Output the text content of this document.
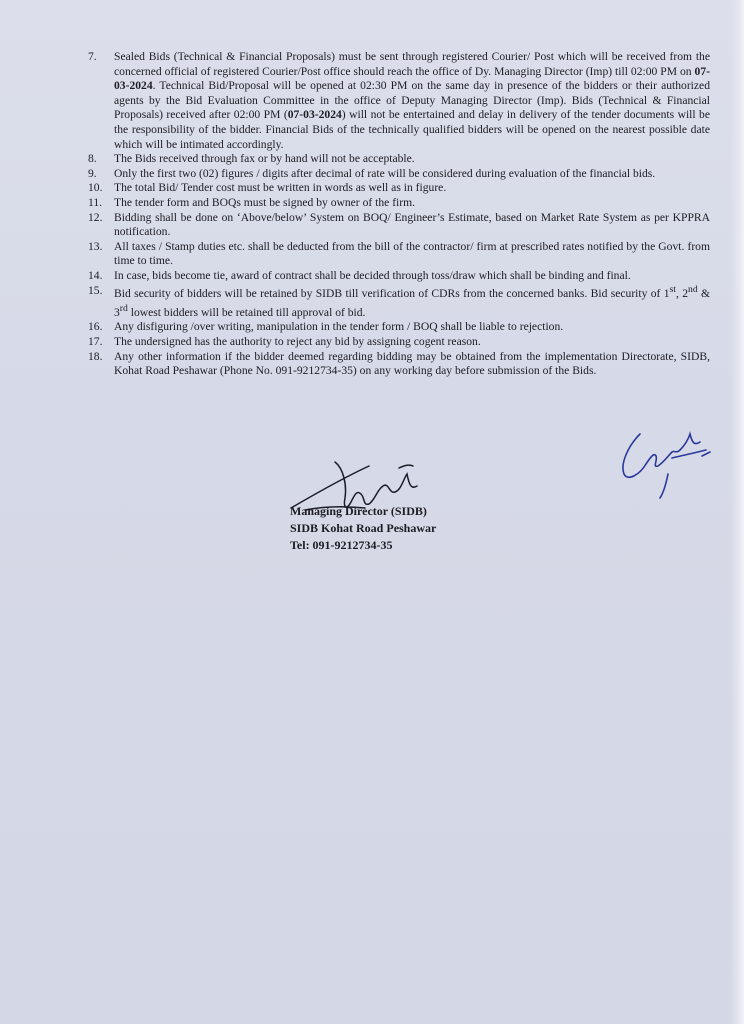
7. Sealed Bids (Technical & Financial Proposals) must be sent through registered Courier/ Post which will be received from the concerned official of registered Courier/Post office should reach the office of Dy. Managing Director (Imp) till 02:00 PM on 07-03-2024. Technical Bid/Proposal will be opened at 02:30 PM on the same day in presence of the bidders or their authorized agents by the Bid Evaluation Committee in the office of Deputy Managing Director (Imp). Bids (Technical & Financial Proposals) received after 02:00 PM (07-03-2024) will not be entertained and delay in delivery of the tender documents will be the responsibility of the bidder. Financial Bids of the technically qualified bidders will be opened on the nearest possible date which will be intimated accordingly.
8. The Bids received through fax or by hand will not be acceptable.
9. Only the first two (02) figures / digits after decimal of rate will be considered during evaluation of the financial bids.
10. The total Bid/ Tender cost must be written in words as well as in figure.
11. The tender form and BOQs must be signed by owner of the firm.
12. Bidding shall be done on ‘Above/below’ System on BOQ/ Engineer’s Estimate, based on Market Rate System as per KPPRA notification.
13. All taxes / Stamp duties etc. shall be deducted from the bill of the contractor/ firm at prescribed rates notified by the Govt. from time to time.
14. In case, bids become tie, award of contract shall be decided through toss/draw which shall be binding and final.
15. Bid security of bidders will be retained by SIDB till verification of CDRs from the concerned banks. Bid security of 1st, 2nd & 3rd lowest bidders will be retained till approval of bid.
16. Any disfiguring /over writing, manipulation in the tender form / BOQ shall be liable to rejection.
17. The undersigned has the authority to reject any bid by assigning cogent reason.
18. Any other information if the bidder deemed regarding bidding may be obtained from the implementation Directorate, SIDB, Kohat Road Peshawar (Phone No. 091-9212734-35) on any working day before submission of the Bids.
Managing Director (SIDB)
SIDB Kohat Road Peshawar
Tel: 091-9212734-35
